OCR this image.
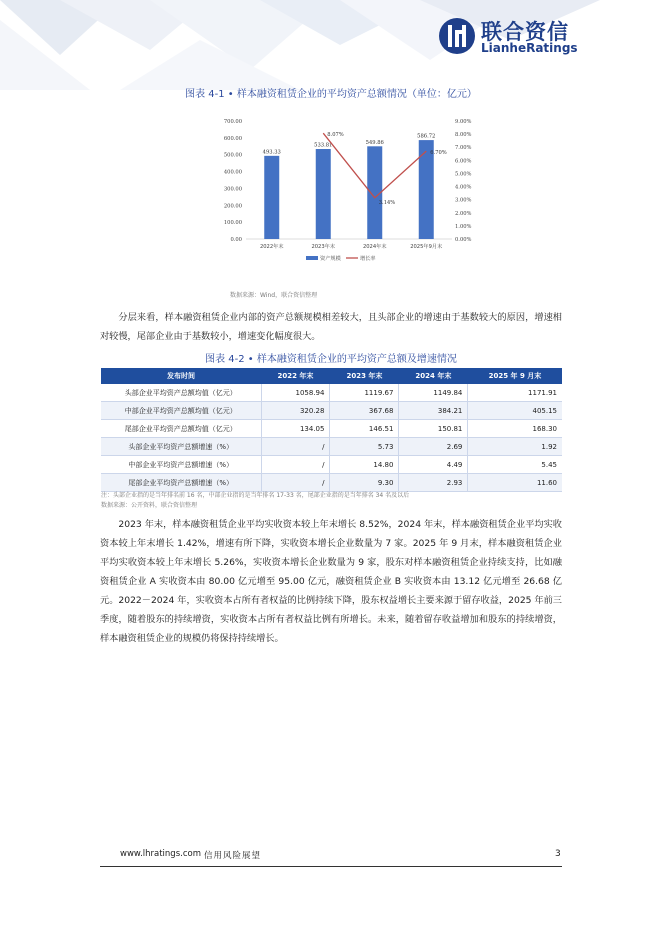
联合资信
LianheRatings
图表 4-1 • 样本融资租赁企业的平均资产总额情况（单位：亿元）
0.00
100.00
200.00
300.00
400.00
500.00
600.00
700.00
0.00%
1.00%
2.00%
3.00%
4.00%
5.00%
6.00%
7.00%
8.00%
9.00%
493.33
2022年末
533.81
2023年末
549.86
2024年末
586.72
2025年9月末
8.07%
3.14%
6.70%
资产规模	增长率
数据来源：Wind，联合资信整理

分层来看，样本融资租赁企业内部的资产总额规模相差较大，且头部企业的增速由于基数较大的原因，增速相对较慢，尾部企业由于基数较小，增速变化幅度很大。

图表 4-2 • 样本融资租赁企业的平均资产总额及增速情况
发布时间	2022 年末	2023 年末	2024 年末	2025 年 9 月末
头部企业平均资产总额均值（亿元）	1058.94	1119.67	1149.84	1171.91
中部企业平均资产总额均值（亿元）	320.28	367.68	384.21	405.15
尾部企业平均资产总额均值（亿元）	134.05	146.51	150.81	168.30
头部企业平均资产总额增速（%）	/	5.73	2.69	1.92
中部企业平均资产总额增速（%）	/	14.80	4.49	5.45
尾部企业平均资产总额增速（%）	/	9.30	2.93	11.60
注：头部企业指的是当年排名前 16 名，中部企业指的是当年排名 17-33 名，尾部企业指的是当年排名 34 名及以后
数据来源：公开资料，联合资信整理

2023 年末，样本融资租赁企业平均实收资本较上年末增长 8.52%，2024 年末，样本融资租赁企业平均实收资本较上年末增长 1.42%，增速有所下降，实收资本增长企业数量为 7 家。2025 年 9 月末，样本融资租赁企业平均实收资本较上年末增长 5.26%，实收资本增长企业数量为 9 家，股东对样本融资租赁企业持续支持，比如融资租赁企业 A 实收资本由 80.00 亿元增至 95.00 亿元，融资租赁企业 B 实收资本由 13.12 亿元增至 26.68 亿元。2022－2024 年，实收资本占所有者权益的比例持续下降，股东权益增长主要来源于留存收益，2025 年前三季度，随着股东的持续增资，实收资本占所有者权益比例有所增长。未来，随着留存收益增加和股东的持续增资，样本融资租赁企业的规模仍将保持持续增长。

www.lhratings.com 信用风险展望	3
